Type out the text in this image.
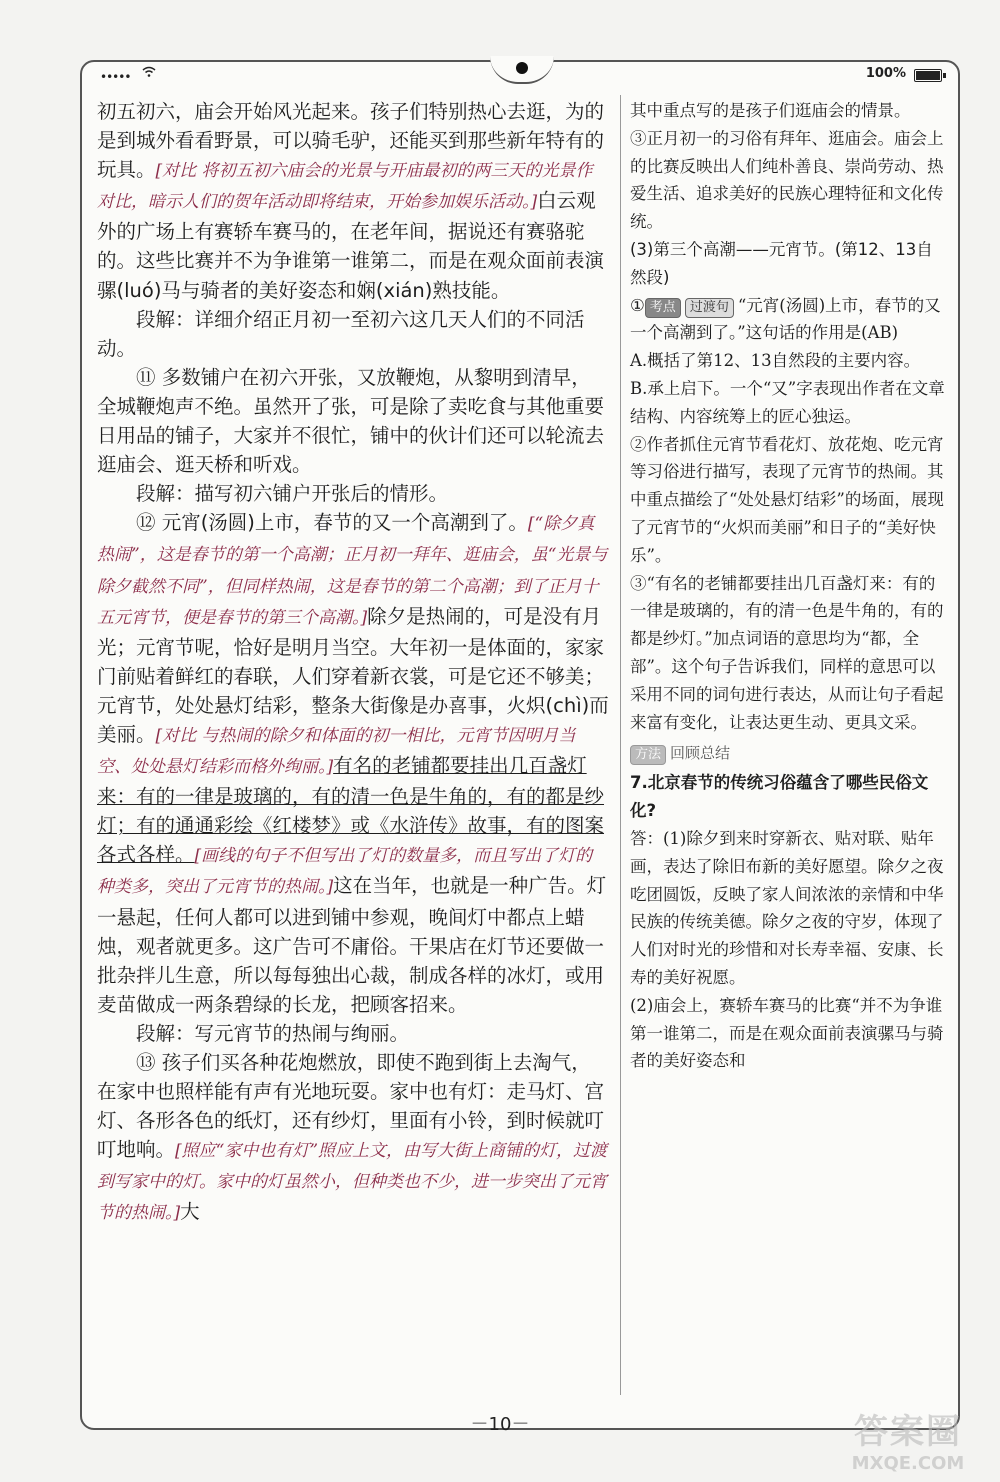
•••••	100%

初五初六，庙会开始风光起来。孩子们特别热心去逛，为的是到城外看看野景，可以骑毛驴，还能买到那些新年特有的玩具。[对比 将初五初六庙会的光景与开庙最初的两三天的光景作对比，暗示人们的贺年活动即将结束，开始参加娱乐活动。]白云观外的广场上有赛轿车赛马的，在老年间，据说还有赛骆驼的。这些比赛并不为争谁第一谁第二，而是在观众面前表演骡(luó)马与骑者的美好姿态和娴(xián)熟技能。

段解：详细介绍正月初一至初六这几天人们的不同活动。

⑪ 多数铺户在初六开张，又放鞭炮，从黎明到清早，全城鞭炮声不绝。虽然开了张，可是除了卖吃食与其他重要日用品的铺子，大家并不很忙，铺中的伙计们还可以轮流去逛庙会、逛天桥和听戏。

段解：描写初六铺户开张后的情形。

⑫ 元宵(汤圆)上市，春节的又一个高潮到了。[“除夕真热闹”，这是春节的第一个高潮；正月初一拜年、逛庙会，虽“光景与除夕截然不同”，但同样热闹，这是春节的第二个高潮；到了正月十五元宵节，便是春节的第三个高潮。]除夕是热闹的，可是没有月光；元宵节呢，恰好是明月当空。大年初一是体面的，家家门前贴着鲜红的春联，人们穿着新衣裳，可是它还不够美；元宵节，处处悬灯结彩，整条大街像是办喜事，火炽(chì)而美丽。[对比 与热闹的除夕和体面的初一相比，元宵节因明月当空、处处悬灯结彩而格外绚丽。]有名的老铺都要挂出几百盏灯来：有的一律是玻璃的，有的清一色是牛角的，有的都是纱灯；有的通通彩绘《红楼梦》或《水浒传》故事，有的图案各式各样。[画线的句子不但写出了灯的数量多，而且写出了灯的种类多，突出了元宵节的热闹。]这在当年，也就是一种广告。灯一悬起，任何人都可以进到铺中参观，晚间灯中都点上蜡烛，观者就更多。这广告可不庸俗。干果店在灯节还要做一批杂拌儿生意，所以每每独出心裁，制成各样的冰灯，或用麦苗做成一两条碧绿的长龙，把顾客招来。

段解：写元宵节的热闹与绚丽。

⑬ 孩子们买各种花炮燃放，即使不跑到街上去淘气，在家中也照样能有声有光地玩耍。家中也有灯：走马灯、宫灯、各形各色的纸灯，还有纱灯，里面有小铃，到时候就叮叮地响。[照应“家中也有灯”照应上文，由写大街上商铺的灯，过渡到写家中的灯。家中的灯虽然小，但种类也不少，进一步突出了元宵节的热闹。]大

其中重点写的是孩子们逛庙会的情景。

③正月初一的习俗有拜年、逛庙会。庙会上的比赛反映出人们纯朴善良、崇尚劳动、热爱生活、追求美好的民族心理特征和文化传统。

(3)第三个高潮——元宵节。(第12、13自然段)

① 考点 过渡句 “元宵(汤圆)上市，春节的又一个高潮到了。”这句话的作用是(AB)

A.概括了第12、13自然段的主要内容。

B.承上启下。一个“又”字表现出作者在文章结构、内容统筹上的匠心独运。

②作者抓住元宵节看花灯、放花炮、吃元宵等习俗进行描写，表现了元宵节的热闹。其中重点描绘了“处处悬灯结彩”的场面，展现了元宵节的“火炽而美丽”和日子的“美好快乐”。

③“有名的老铺都要挂出几百盏灯来：有的一律是玻璃的，有的清一色是牛角的，有的都是纱灯。”加点词语的意思均为“都，全部”。这个句子告诉我们，同样的意思可以采用不同的词句进行表达，从而让句子看起来富有变化，让表达更生动、更具文采。

方法 回顾总结

7.北京春节的传统习俗蕴含了哪些民俗文化?

答：(1)除夕到来时穿新衣、贴对联、贴年画，表达了除旧布新的美好愿望。除夕之夜吃团圆饭，反映了家人间浓浓的亲情和中华民族的传统美德。除夕之夜的守岁，体现了人们对时光的珍惜和对长寿幸福、安康、长寿的美好祝愿。

(2)庙会上，赛轿车赛马的比赛“并不为争谁第一谁第二，而是在观众面前表演骡马与骑者的美好姿态和

－10－	答案圈
MXQE.COM
